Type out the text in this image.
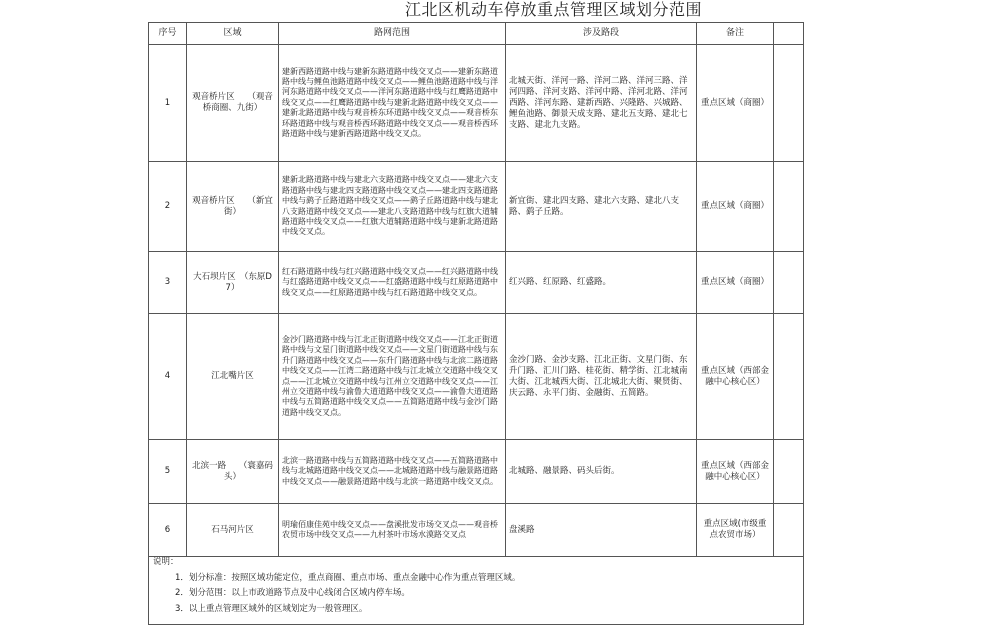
江北区机动车停放重点管理区域划分范围
序号	区域	路网范围	涉及路段	备注	
1	观音桥片区　　（观音桥商圈、九街）	建新西路道路中线与建新东路道路中线交叉点——建新东路道路中线与鲤鱼池路道路中线交叉点——鲤鱼池路道路中线与洋河东路道路中线交叉点——洋河东路道路中线与红鹰路道路中线交叉点——红鹰路道路中线与建新北路道路中线交叉点——建新北路道路中线与观音桥东环道路中线交叉点——观音桥东环路道路中线与观音桥西环路道路中线交叉点——观音桥西环路道路中线与建新西路道路中线交叉点。	北城天街、洋河一路、洋河二路、洋河三路、洋河四路、洋河支路、洋河中路、洋河北路、洋河西路、洋河东路、建新西路、兴隆路、兴城路、鲤鱼池路、御景天成支路、建北五支路、建北七支路、建北九支路。	重点区域（商圈）	
2	观音桥片区　　（新宜街）	建新北路道路中线与建北六支路道路中线交叉点——建北六支路道路中线与建北四支路道路中线交叉点——建北四支路道路中线与鹞子丘路道路中线交叉点——鹞子丘路道路中线与建北八支路道路中线交叉点——建北八支路道路中线与红旗大道辅路道路中线交叉点——红旗大道辅路道路中线与建新北路道路中线交叉点。	新宜街、建北四支路、建北六支路、建北八支路、鹞子丘路。	重点区域（商圈）	
3	大石坝片区　（东原D7）	红石路道路中线与红兴路道路中线交叉点——红兴路道路中线与红盛路道路中线交叉点——红盛路道路中线与红原路道路中线交叉点——红原路道路中线与红石路道路中线交叉点。	红兴路、红原路、红盛路。	重点区域（商圈）	
4	江北嘴片区	金沙门路道路中线与江北正街道路中线交叉点——江北正街道路中线与文星门街道路中线交叉点——文星门街道路中线与东升门路道路中线交叉点——东升门路道路中线与北滨二路道路中线交叉点——江湾二路道路中线与江北城立交道路中线交叉点——江北城立交道路中线与江州立交道路中线交叉点——江州立交道路中线与渝鲁大道道路中线交叉点——渝鲁大道道路中线与五简路道路中线交叉点——五简路道路中线与金沙门路道路中线交叉点。	金沙门路、金沙支路、江北正街、文星门街、东升门路、汇川门路、桂花街、精学街、江北城南大街、江北城西大街、江北城北大街、聚贤街、庆云路、永平门街、金融街、五简路。	重点区域（西部金融中心核心区）	
5	北滨一路　　（寰嘉码头）	北滨一路道路中线与五简路道路中线交叉点——五简路道路中线与北城路道路中线交叉点——北城路道路中线与融景路道路中线交叉点——融景路道路中线与北滨一路道路中线交叉点。	北城路、融景路、码头后街。	重点区域（西部金融中心核心区）	
6	石马河片区	明瑜佰康佳苑中线交叉点——盘溪批发市场交叉点——观音桥农贸市场中线交叉点——九村茶叶市场水漠路交叉点	盘溪路	重点区域(市级重点农贸市场）	

说明：
1．划分标准：按照区域功能定位，重点商圈、重点市场、重点金融中心作为重点管理区域。
2．划分范围：以上市政道路节点及中心线闭合区域内停车场。
3．以上重点管理区域外的区域划定为一般管理区。					
